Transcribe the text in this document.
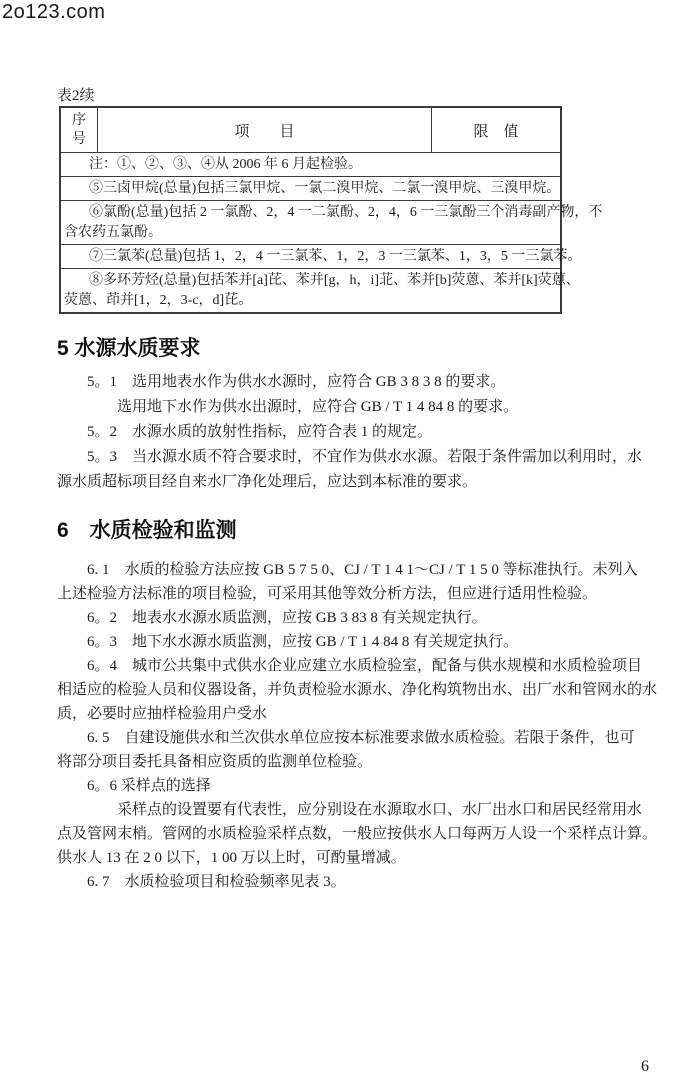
2o123.com
表2续
序
号	项　　目	限　值
注：①、②、③、④从 2006 年 6 月起检验。
⑤三卤甲烷(总量)包括三氯甲烷、一氯二溴甲烷、二氯一溴甲烷、三溴甲烷。
⑥氯酚(总量)包括 2 一氯酚、2，4 一二氯酚、2，4，6 一三氯酚三个消毒副产物，不
含农药五氯酚。
⑦三氯苯(总量)包括 1，2，4 一三氯苯、1，2，3 一三氯苯、1，3，5 一三氯苯。
⑧多环芳烃(总量)包括苯并[a]芘、苯并[g，h，i]苝、苯并[b]荧蒽、苯并[k]荧蒽、
荧蒽、茚并[1，2，3-c，d]芘。
5 水源水质要求
5。1　选用地表水作为供水水源时，应符合 GB 3 8 3 8 的要求。
选用地下水作为供水出源时，应符合 GB / T 1 4 84 8 的要求。
5。2　水源水质的放射性指标，应符合表 1 的规定。
5。3　当水源水质不符合要求时，不宜作为供水水源。若限于条件需加以利用时，水
源水质超标项目经自来水厂净化处理后，应达到本标准的要求。
6　水质检验和监测
6. 1　水质的检验方法应按 GB 5 7 5 0、CJ / T 1 4 1～CJ / T 1 5 0 等标准执行。未列入
上述检验方法标准的项目检验，可采用其他等效分析方法，但应进行适用性检验。
6。2　地表水水源水质监测，应按 GB 3 83 8 有关规定执行。
6。3　地下水水源水质监测，应按 GB / T 1 4 84 8 有关规定执行。
6。4　城市公共集中式供水企业应建立水质检验室，配备与供水规模和水质检验项目
相适应的检验人员和仪器设备，并负责检验水源水、净化构筑物出水、出厂水和管网水的水
质，必要时应抽样检验用户受水
6. 5　自建设施供水和兰次供水单位应按本标准要求做水质检验。若限于条件，也可
将部分项目委托具备相应资质的监测单位检验。
6。6 采样点的选择
采样点的设置要有代表性，应分别设在水源取水口、水厂出水口和居民经常用水
点及管网末梢。管网的水质检验采样点数，一般应按供水人口每两万人设一个采样点计算。
供水人 13 在 2 0 以下，1 00 万以上时，可酌量增减。
6. 7　水质检验项目和检验频率见表 3。
6
